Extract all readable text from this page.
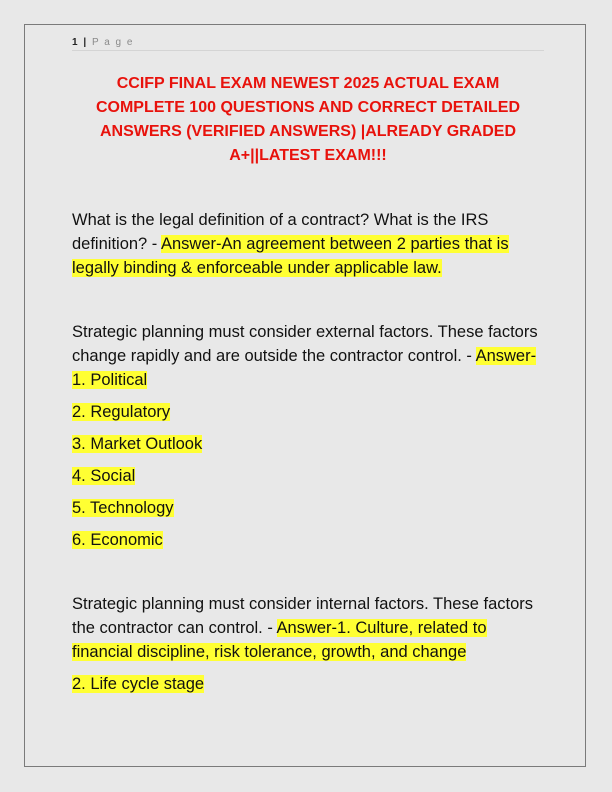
1 | P a g e
CCIFP FINAL EXAM NEWEST 2025 ACTUAL EXAM COMPLETE 100 QUESTIONS AND CORRECT DETAILED ANSWERS (VERIFIED ANSWERS) |ALREADY GRADED A+||LATEST EXAM!!!

What is the legal definition of a contract? What is the IRS definition? - Answer-An agreement between 2 parties that is legally binding & enforceable under applicable law.

Strategic planning must consider external factors. These factors change rapidly and are outside the contractor control. - Answer-1. Political

2. Regulatory

3. Market Outlook

4. Social

5. Technology

6. Economic

Strategic planning must consider internal factors. These factors the contractor can control. - Answer-1. Culture, related to financial discipline, risk tolerance, growth, and change

2. Life cycle stage
